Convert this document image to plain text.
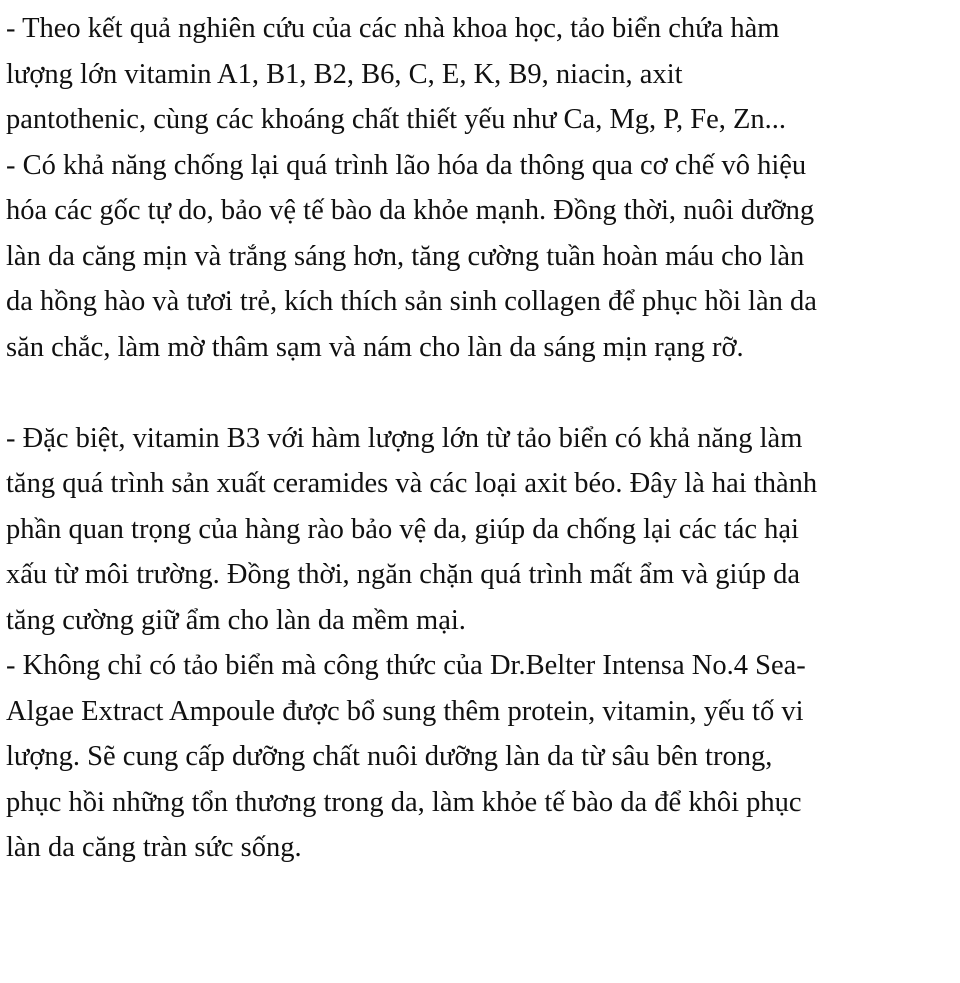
- Theo kết quả nghiên cứu của các nhà khoa học, tảo biển chứa hàm
lượng lớn vitamin A1, B1, B2, B6, C, E, K, B9, niacin, axit
pantothenic, cùng các khoáng chất thiết yếu như Ca, Mg, P, Fe, Zn...
- Có khả năng chống lại quá trình lão hóa da thông qua cơ chế vô hiệu
hóa các gốc tự do, bảo vệ tế bào da khỏe mạnh. Đồng thời, nuôi dưỡng
làn da căng mịn và trắng sáng hơn, tăng cường tuần hoàn máu cho làn
da hồng hào và tươi trẻ, kích thích sản sinh collagen để phục hồi làn da
săn chắc, làm mờ thâm sạm và nám cho làn da sáng mịn rạng rỡ.
- Đặc biệt, vitamin B3 với hàm lượng lớn từ tảo biển có khả năng làm
tăng quá trình sản xuất ceramides và các loại axit béo. Đây là hai thành
phần quan trọng của hàng rào bảo vệ da, giúp da chống lại các tác hại
xấu từ môi trường. Đồng thời, ngăn chặn quá trình mất ẩm và giúp da
tăng cường giữ ẩm cho làn da mềm mại.
- Không chỉ có tảo biển mà công thức của Dr.Belter Intensa No.4 Sea-
Algae Extract Ampoule được bổ sung thêm protein, vitamin, yếu tố vi
lượng. Sẽ cung cấp dưỡng chất nuôi dưỡng làn da từ sâu bên trong,
phục hồi những tổn thương trong da, làm khỏe tế bào da để khôi phục
làn da căng tràn sức sống.
